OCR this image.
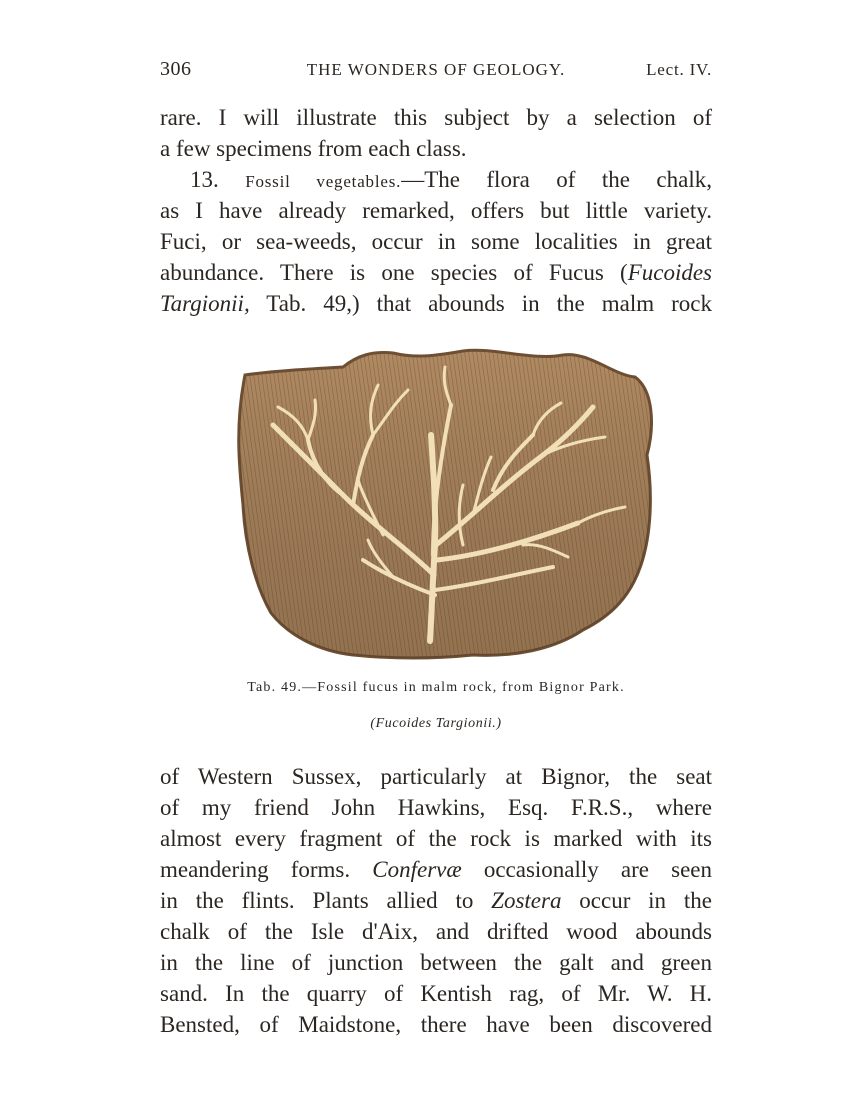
306	THE WONDERS OF GEOLOGY.	Lect. IV.
rare. I will illustrate this subject by a selection of
a few specimens from each class.
13. Fossil vegetables.—The flora of the chalk,
as I have already remarked, offers but little variety.
Fuci, or sea-weeds, occur in some localities in great
abundance. There is one species of Fucus (Fucoides
Targionii, Tab. 49,) that abounds in the malm rock
Tab. 49.—Fossil fucus in malm rock, from Bignor Park.
(Fucoides Targionii.)
of Western Sussex, particularly at Bignor, the seat
of my friend John Hawkins, Esq. F.R.S., where
almost every fragment of the rock is marked with its
meandering forms. Confervæ occasionally are seen
in the flints. Plants allied to Zostera occur in the
chalk of the Isle d'Aix, and drifted wood abounds
in the line of junction between the galt and green
sand. In the quarry of Kentish rag, of Mr. W. H.
Bensted, of Maidstone, there have been discovered
